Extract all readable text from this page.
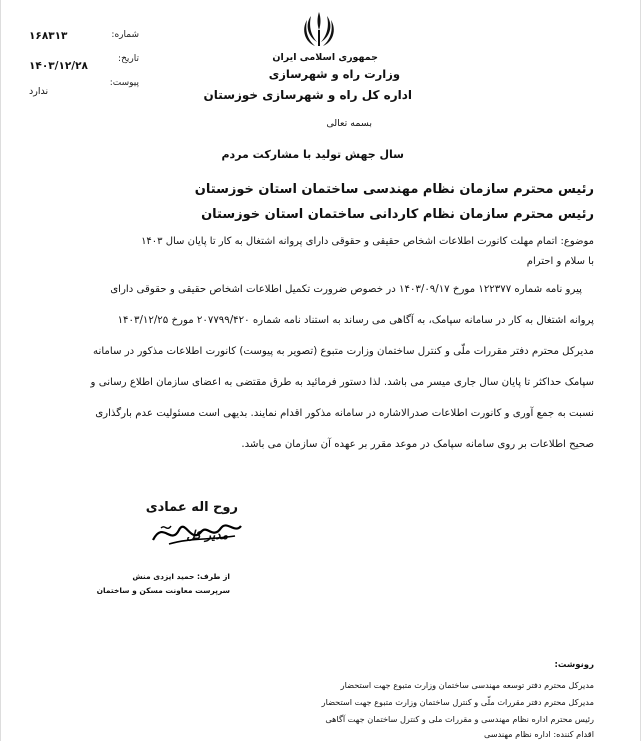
شماره:
۱۶۸۳۱۳
تاریخ:
۱۴۰۳/۱۲/۲۸
پیوست:
ندارد
جمهوری اسلامی ایران
وزارت راه و شهرسازی
اداره کل راه و شهرسازی خوزستان
بسمه تعالی
سال جهش تولید با مشارکت مردم
رئیس محترم سازمان نظام مهندسی ساختمان استان خوزستان
رئیس محترم سازمان نظام کاردانی ساختمان استان خوزستان
موضوع: اتمام مهلت کانورت اطلاعات اشخاص حقیقی و حقوقی دارای پروانه اشتغال به کار تا پایان سال ۱۴۰۳
با سلام و احترام
پیرو نامه شماره ۱۲۲۳۷۷ مورخ ۱۴۰۳/۰۹/۱۷ در خصوص ضرورت تکمیل اطلاعات اشخاص حقیقی و حقوقی دارای
پروانه اشتغال به کار در سامانه سپامک، به آگاهی می رساند به استناد نامه شماره ۲۰۷۷۹۹/۴۲۰ مورخ ۱۴۰۳/۱۲/۲۵
مدیرکل محترم دفتر مقررات ملّی و کنترل ساختمان وزارت متبوع (تصویر به پیوست) کانورت اطلاعات مذکور در سامانه
سپامک حداکثر تا پایان سال جاری میسر می باشد. لذا دستور فرمائید به طرق مقتضی به اعضای سازمان اطلاع رسانی و
نسبت به جمع آوری و کانورت اطلاعات صدرالاشاره در سامانه مذکور اقدام نمایند. بدیهی است مسئولیت عدم بارگذاری
صحیح اطلاعات بر روی سامانه سپامک در موعد مقرر بر عهده آن سازمان می باشد.
روح اله عمادی
مدیر کل
از طرف: حمید ایزدی منش
سرپرست معاونت مسکن و ساختمان
رونوشت:
مدیرکل محترم دفتر توسعه مهندسی ساختمان وزارت متبوع جهت استحضار
مدیرکل محترم دفتر مقررات ملّی و کنترل ساختمان وزارت متبوع جهت استحضار
رئیس محترم اداره نظام مهندسی و مقررات ملی و کنترل ساختمان جهت آگاهی
اقدام کننده: اداره نظام مهندسی
